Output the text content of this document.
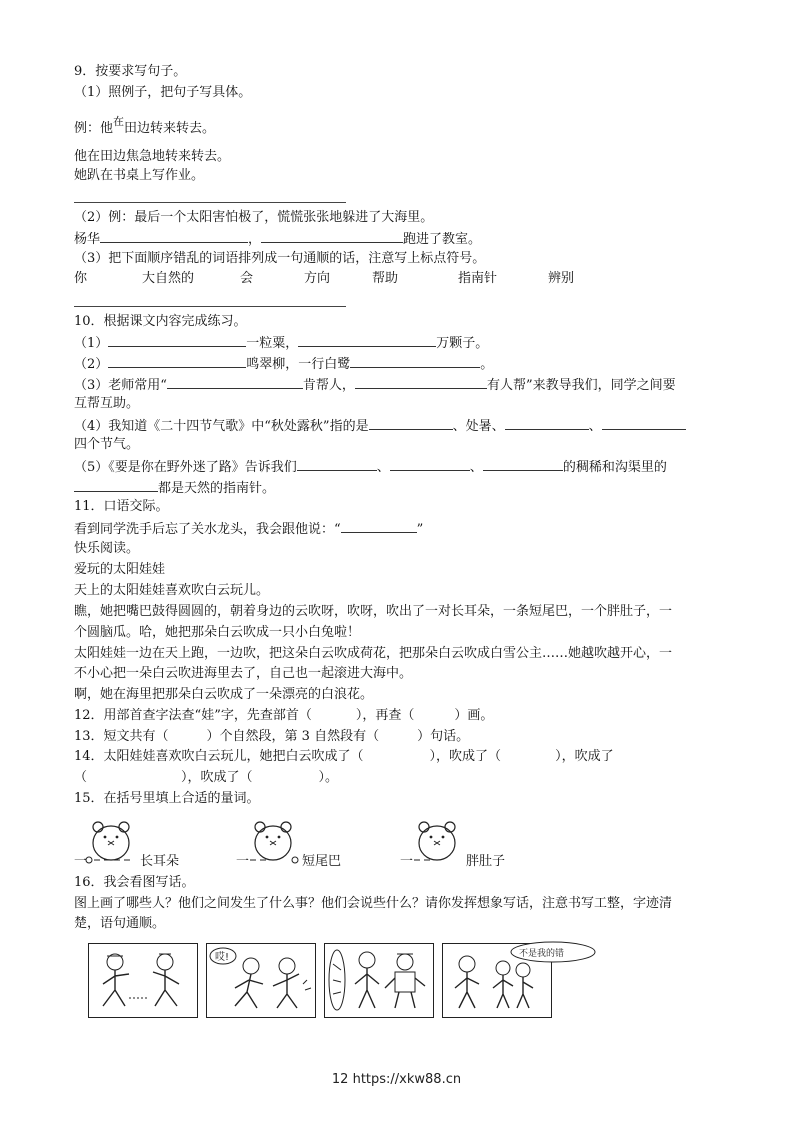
9．按要求写句子。
（1）照例子，把句子写具体。
例：他$^在$田边转来转去。
他在田边焦急地转来转去。
她趴在书桌上写作业。
（2）例：最后一个太阳害怕极了，慌慌张张地躲进了大海里。
杨华	，	跑进了教室。
（3）把下面顺序错乱的词语排列成一句通顺的话，注意写上标点符号。
你	大自然的	会	方向	帮助	指南针	辨别
10．根据课文内容完成练习。
（1）	一粒粟，	万颗子。
（2）	鸣翠柳，一行白鹭	。
（3）老师常用“	肯帮人，	有人帮”来教导我们，同学之间要
互帮互助。
（4）我知道《二十四节气歌》中“秋处露秋”指的是	、处暑、	、
四个节气。
（5）《要是你在野外迷了路》告诉我们	、	、	的稠稀和沟渠里的
都是天然的指南针。
11．口语交际。
看到同学洗手后忘了关水龙头，我会跟他说：“	”
快乐阅读。
爱玩的太阳娃娃
天上的太阳娃娃喜欢吹白云玩儿。
瞧，她把嘴巴鼓得圆圆的，朝着身边的云吹呀，吹呀，吹出了一对长耳朵，一条短尾巴，一个胖肚子，一
个圆脑瓜。哈，她把那朵白云吹成一只小白兔啦！
太阳娃娃一边在天上跑，一边吹，把这朵白云吹成荷花，把那朵白云吹成白雪公主……她越吹越开心，一
不小心把一朵白云吹进海里去了，自己也一起滚进大海中。
啊，她在海里把那朵白云吹成了一朵漂亮的白浪花。
12．用部首查字法查“娃”字，先查部首（	），再查（	）画。
13．短文共有（	）个自然段，第 3 自然段有（	）句话。
14．太阳娃娃喜欢吹白云玩儿，她把白云吹成了（	），吹成了（	），吹成了
（	），吹成了（	）。
15．在括号里填上合适的量词。
一	长耳朵	一	短尾巴	一	胖肚子
16．我会看图写话。
图上画了哪些人？他们之间发生了什么事？他们会说些什么？请你发挥想象写话，注意书写工整，字迹清
楚，语句通顺。
哎!	不是我的错
12 https://xkw88.cn
